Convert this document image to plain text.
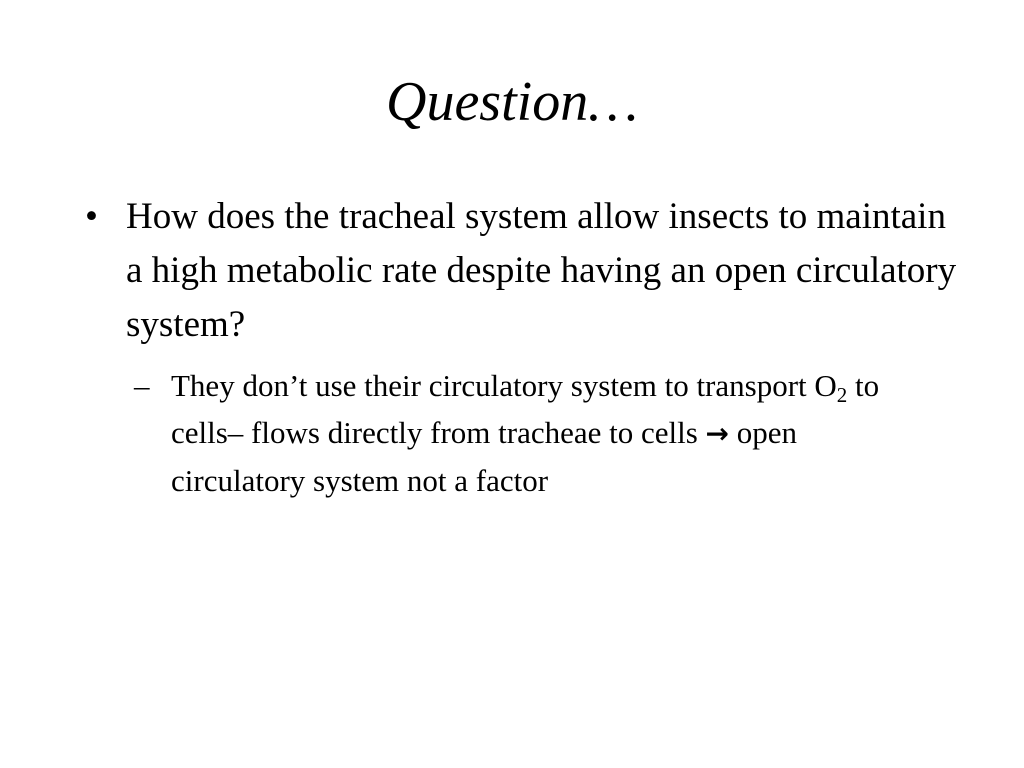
Question…
• How does the tracheal system allow insects to maintain a high metabolic rate despite having an open circulatory system?
– They don’t use their circulatory system to transport $O_2$ to cells– flows directly from tracheae to cells → open circulatory system not a factor
